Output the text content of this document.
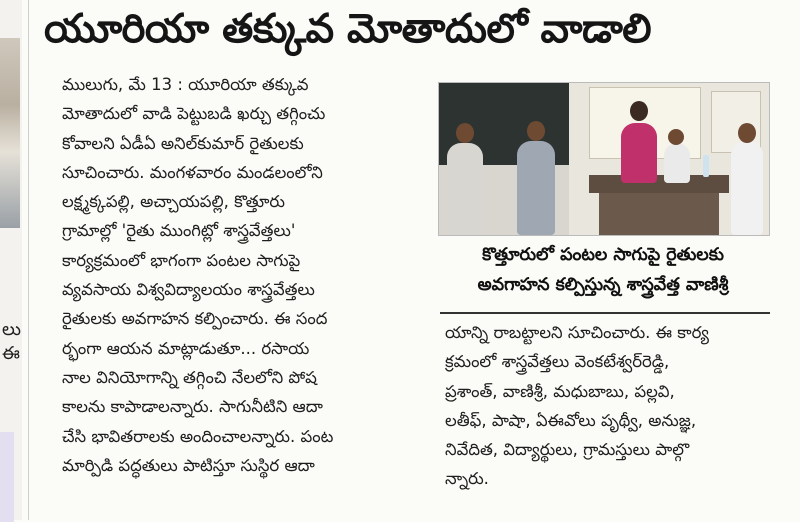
లు
ఈ
యూరియా తక్కువ మోతాదులో వాడాలి
ములుగు, మే 13 : యూరియా తక్కువ
మోతాదులో వాడి పెట్టుబడి ఖర్చు తగ్గించు
కోవాలని ఏడీఏ అనిల్‌కుమార్ రైతులకు
సూచించారు. మంగళవారం మండలంలోని
లక్ష్మక్కపల్లి, అచ్చాయపల్లి, కొత్తూరు
గ్రామాల్లో 'రైతు ముంగిట్లో శాస్త్రవేత్తలు'
కార్యక్రమంలో భాగంగా పంటల సాగుపై
వ్యవసాయ విశ్వవిద్యాలయం శాస్త్రవేత్తలు
రైతులకు అవగాహన కల్పించారు. ఈ సంద
ర్భంగా ఆయన మాట్లాడుతూ... రసాయ
నాల వినియోగాన్ని తగ్గించి నేలలోని పోష
కాలను కాపాడాలన్నారు. సాగునీటిని ఆదా
చేసి భావితరాలకు అందించాలన్నారు. పంట
మార్పిడి పద్ధతులు పాటిస్తూ సుస్థిర ఆదా
కొత్తూరులో పంటల సాగుపై రైతులకు
అవగాహన కల్పిస్తున్న శాస్త్రవేత్త వాణిశ్రీ
యాన్ని రాబట్టాలని సూచించారు. ఈ కార్య
క్రమంలో శాస్త్రవేత్తలు వెంకటేశ్వర్‌రెడ్డి,
ప్రశాంత్, వాణిశ్రీ, మధుబాబు, పల్లవి,
లతీఫ్, పాషా, ఏఈవోలు పృథ్వీ, అనుజ్ఞ,
నివేదిత, విద్యార్థులు, గ్రామస్తులు పాల్గొ
న్నారు.
